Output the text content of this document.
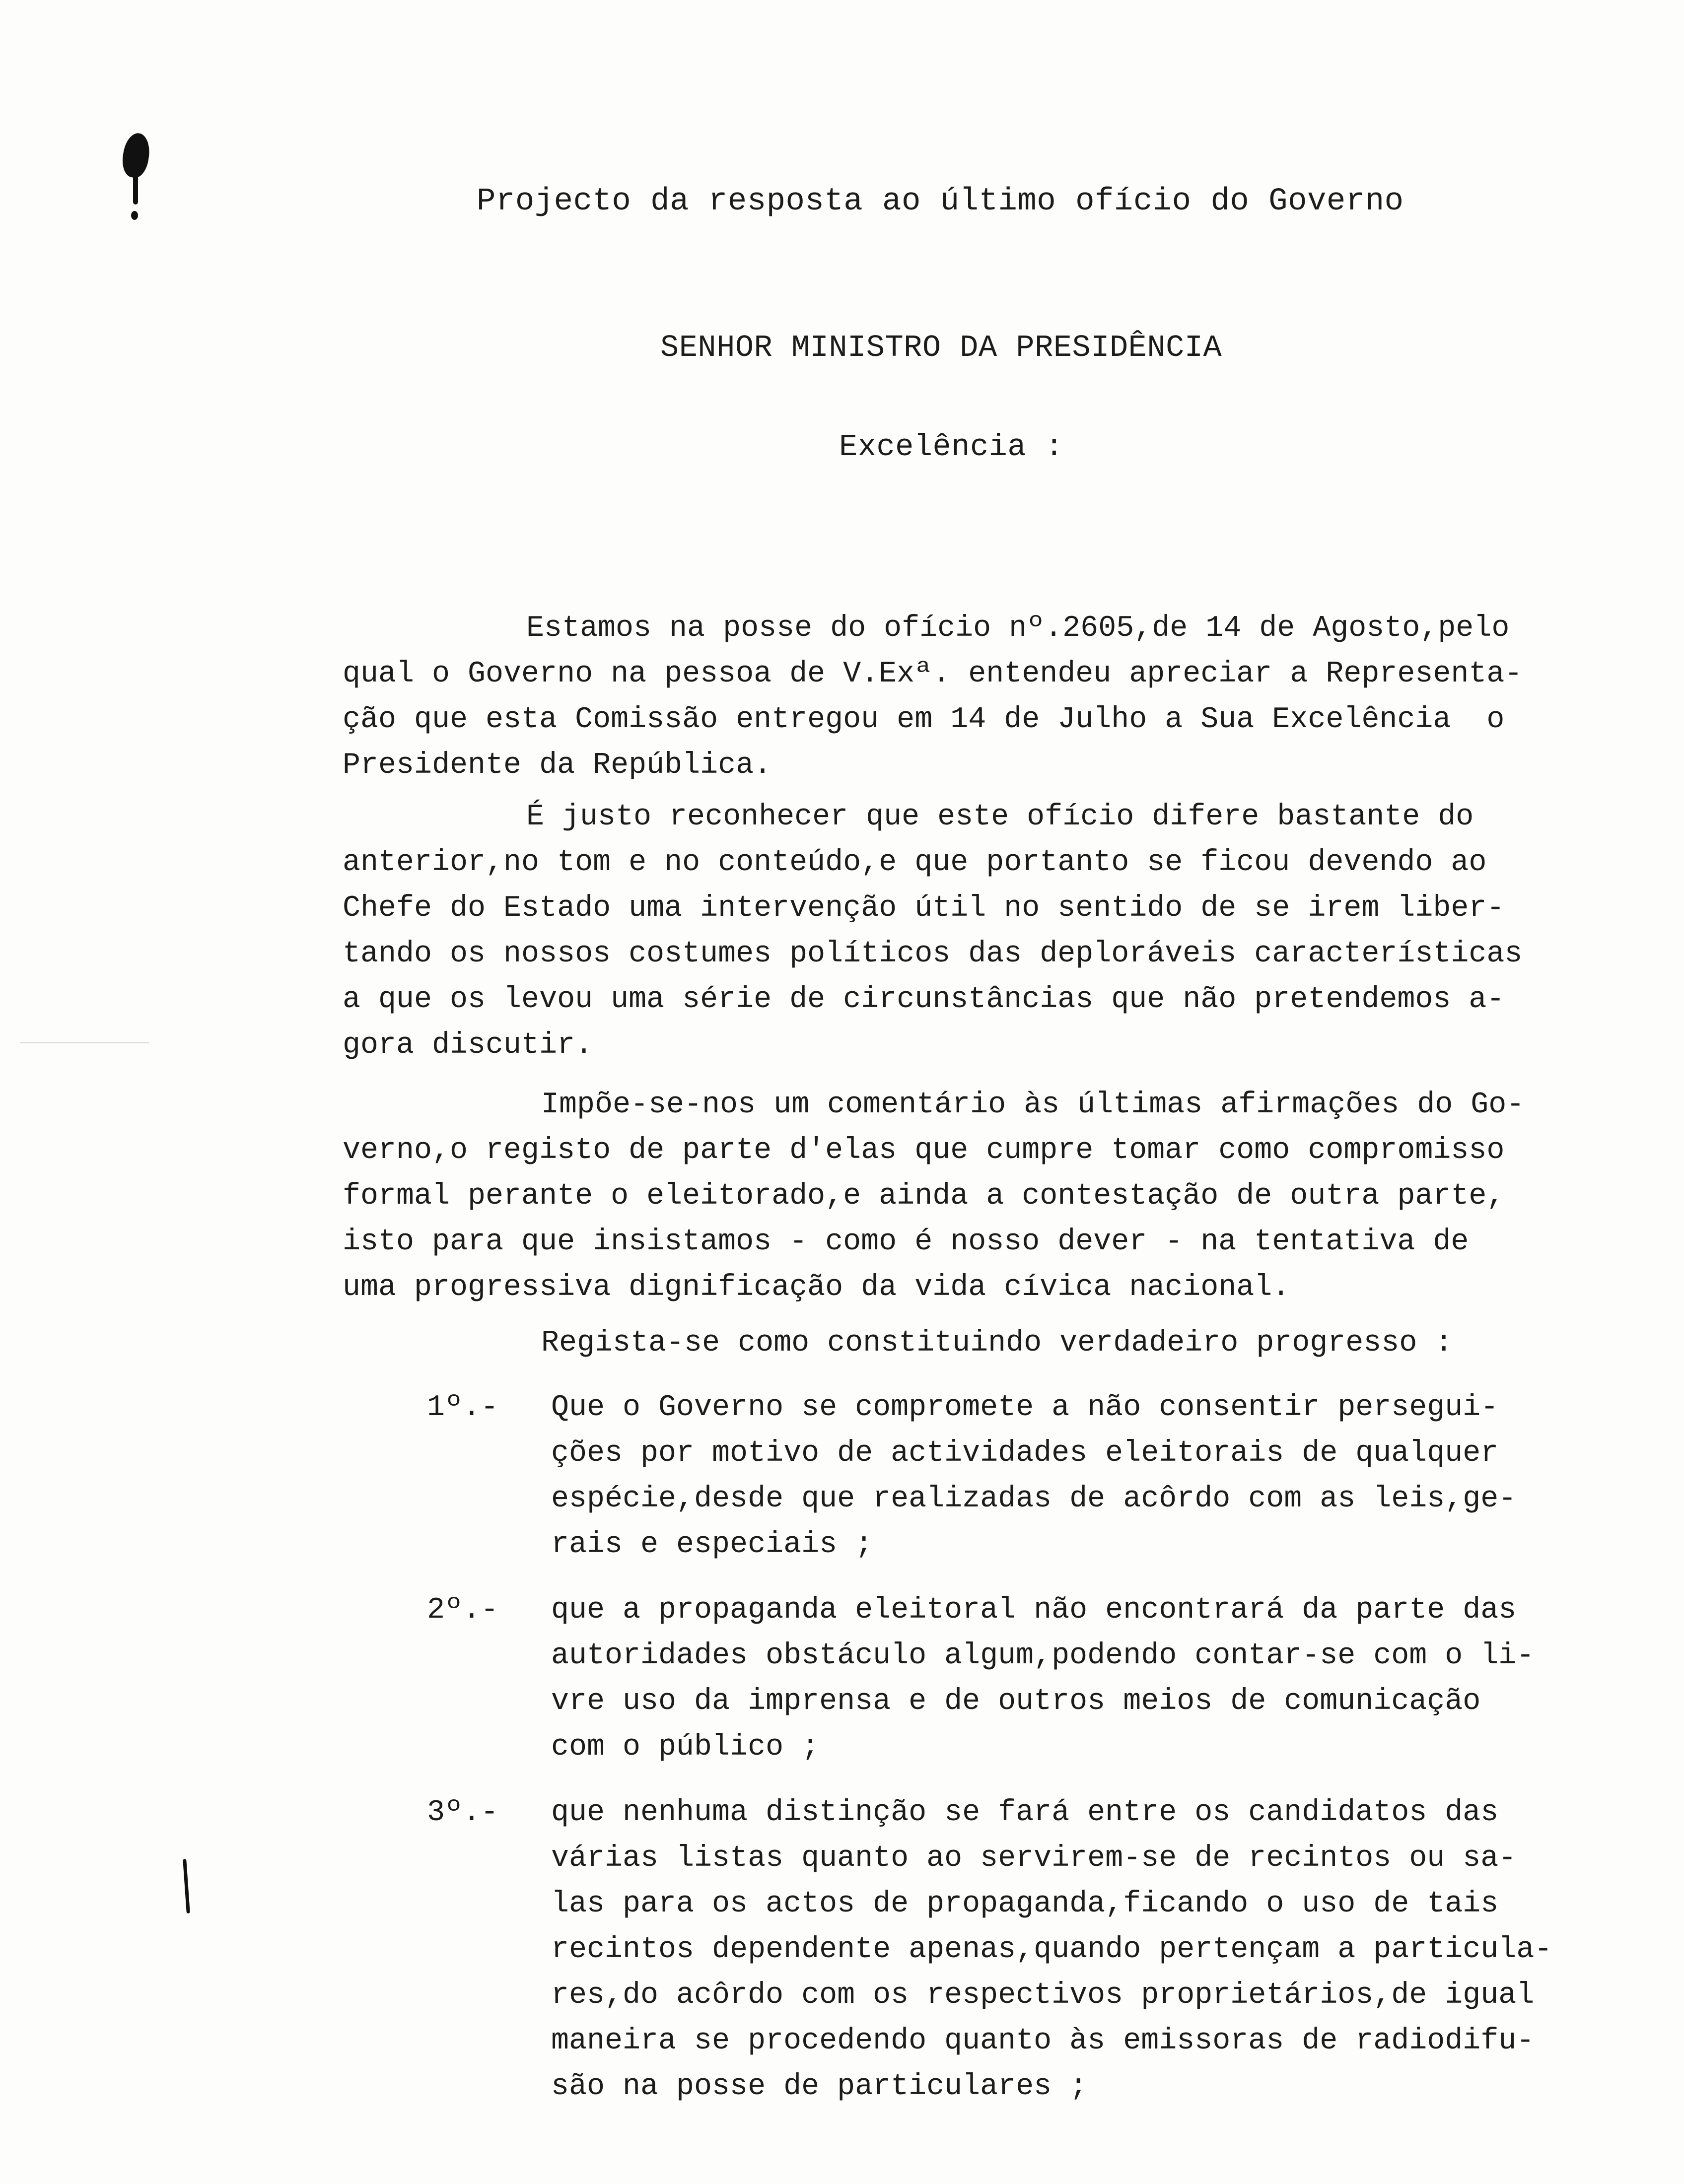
Projecto da resposta ao último ofício do Governo
SENHOR MINISTRO DA PRESIDÊNCIA
Excelência :
Estamos na posse do ofício nº.2605,de 14 de Agosto,pelo
qual o Governo na pessoa de V.Exª. entendeu apreciar a Representa-
ção que esta Comissão entregou em 14 de Julho a Sua Excelência  o
Presidente da República.
É justo reconhecer que este ofício difere bastante do
anterior,no tom e no conteúdo,e que portanto se ficou devendo ao
Chefe do Estado uma intervenção útil no sentido de se irem liber-
tando os nossos costumes políticos das deploráveis características
a que os levou uma série de circunstâncias que não pretendemos a-
gora discutir.
Impõe-se-nos um comentário às últimas afirmações do Go-
verno,o registo de parte d'elas que cumpre tomar como compromisso
formal perante o eleitorado,e ainda a contestação de outra parte,
isto para que insistamos - como é nosso dever - na tentativa de
uma progressiva dignificação da vida cívica nacional.
Regista-se como constituindo verdadeiro progresso :
1º.- Que o Governo se compromete a não consentir persegui-
ções por motivo de actividades eleitorais de qualquer
espécie,desde que realizadas de acôrdo com as leis,ge-
rais e especiais ;
2º.- que a propaganda eleitoral não encontrará da parte das
autoridades obstáculo algum,podendo contar-se com o li-
vre uso da imprensa e de outros meios de comunicação
com o público ;
3º.- que nenhuma distinção se fará entre os candidatos das
várias listas quanto ao servirem-se de recintos ou sa-
las para os actos de propaganda,ficando o uso de tais
recintos dependente apenas,quando pertençam a particula-
res,do acôrdo com os respectivos proprietários,de igual
maneira se procedendo quanto às emissoras de radiodifu-
são na posse de particulares ;
